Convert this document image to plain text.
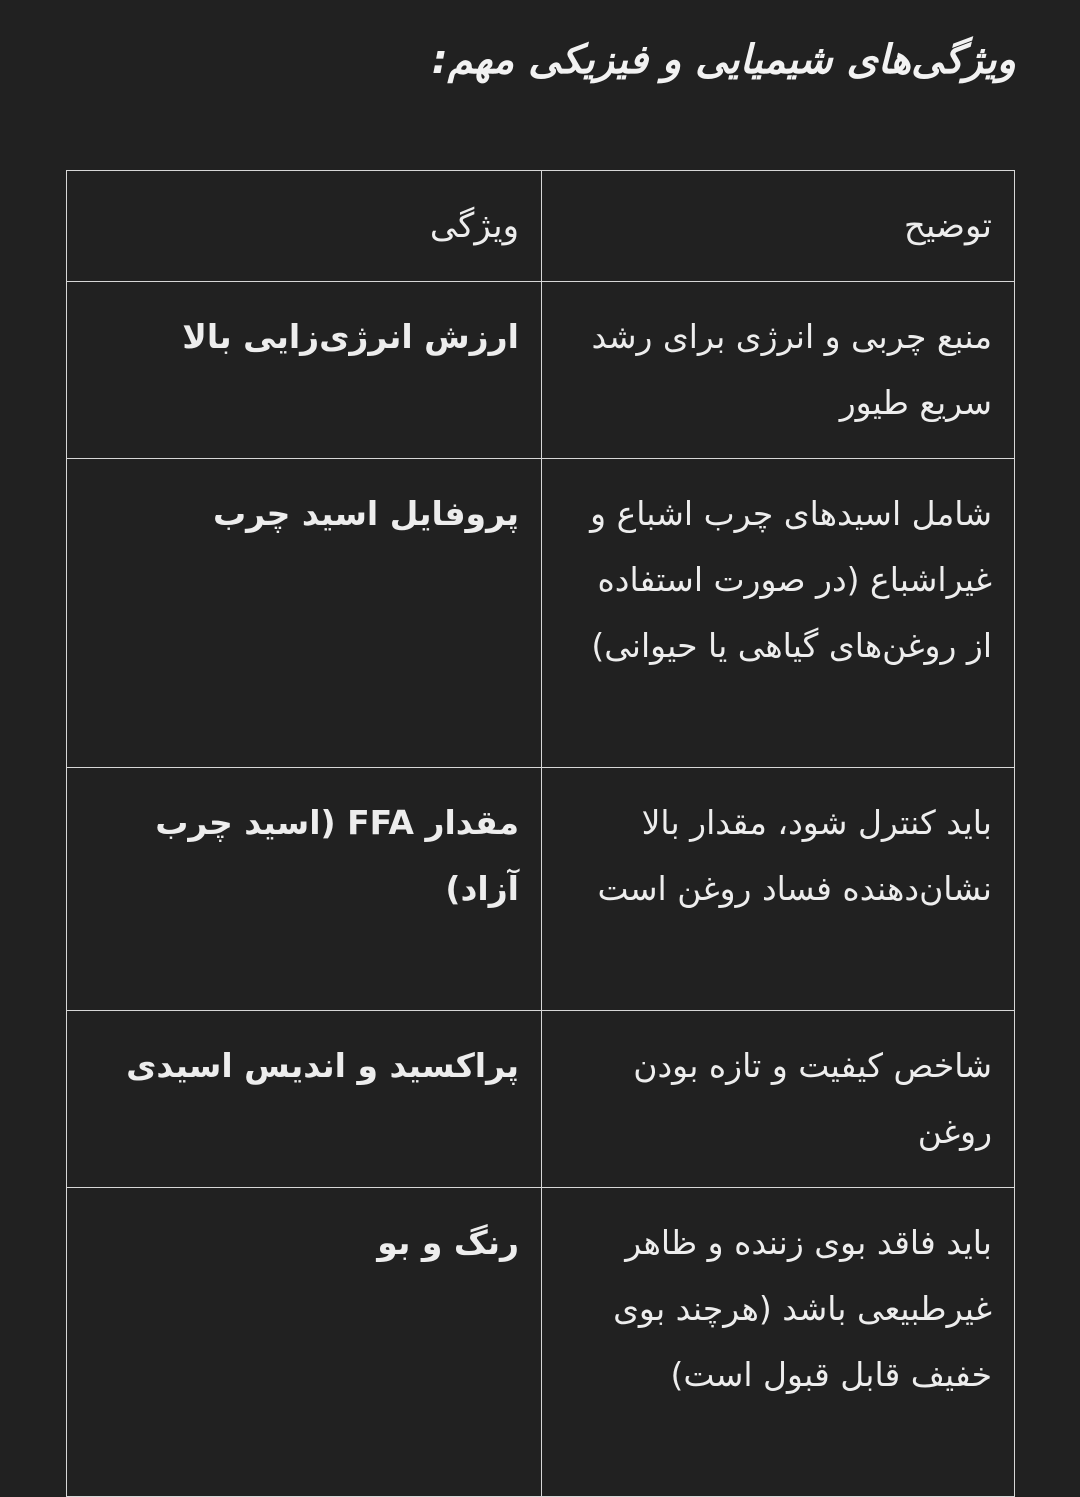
ویژگی‌های شیمیایی و فیزیکی مهم:
توضیح	ویژگی
منبع چربی و انرژی برای رشد سریع طیور	ارزش انرژی‌زایی بالا
شامل اسیدهای چرب اشباع و غیراشباع (در صورت استفاده از روغن‌های گیاهی یا حیوانی)	پروفایل اسید چرب
باید کنترل شود، مقدار بالا نشان‌دهنده فساد روغن است	مقدار FFA (اسید چرب آزاد)
شاخص کیفیت و تازه بودن روغن	پراکسید و اندیس اسیدی
باید فاقد بوی زننده و ظاهر غیرطبیعی باشد (هرچند بوی خفیف قابل قبول است)	رنگ و بو
